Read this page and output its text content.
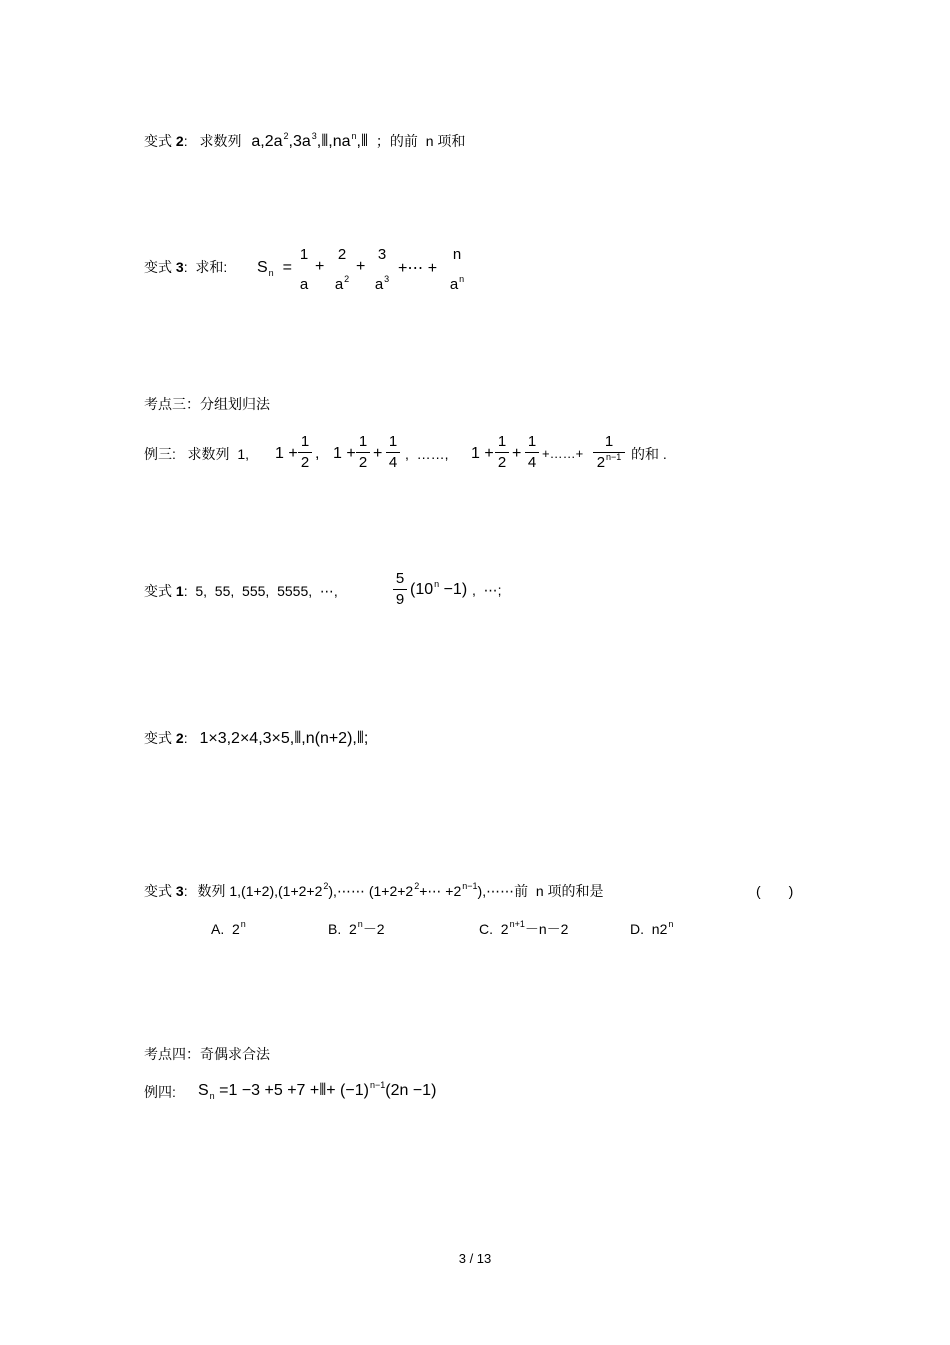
变式 2: 求数列 $a,2a^2,3a^3,⦀,na^n,⦀$ ；的前  n 项和
变式 3:  求和: $S_n$  =
1
a
+
2
$a^2$
+
3
$a^3$
+⋯ +
n
$a^n$
考点三：分组划归法
例三:   求数列  1, 1 +
1
2
, 1 +
1
2
+
1
4 ,  ……, 1 +
1
2
+
1
4
+……+
1
$2^{n-1}$ 的和 .
变式 1:  5,  55,  555,  5555,  ⋯,
5
9
$(10^n -1)$ ,  ⋯;
变式 2: 1×3,2×4,3×5,⦀,n(n+2),⦀;
变式 3: 数列 $1,(1+2),(1+2+2^2),\cdots\cdots$ ($1+2+2^2+\cdots$ $+2^{n-1}),\cdots\cdots$前  n 项的和是	(　　)
A.  2$^n$	B.  $2^n-2$	C.  $2^{n+1}-n-2$	D.  n2$^n$
考点四：奇偶求合法
例四: $S_n =1 -3 +5 +7$ +⦀+ $(-1)^{n-1}(2n -1)$
3 / 13
